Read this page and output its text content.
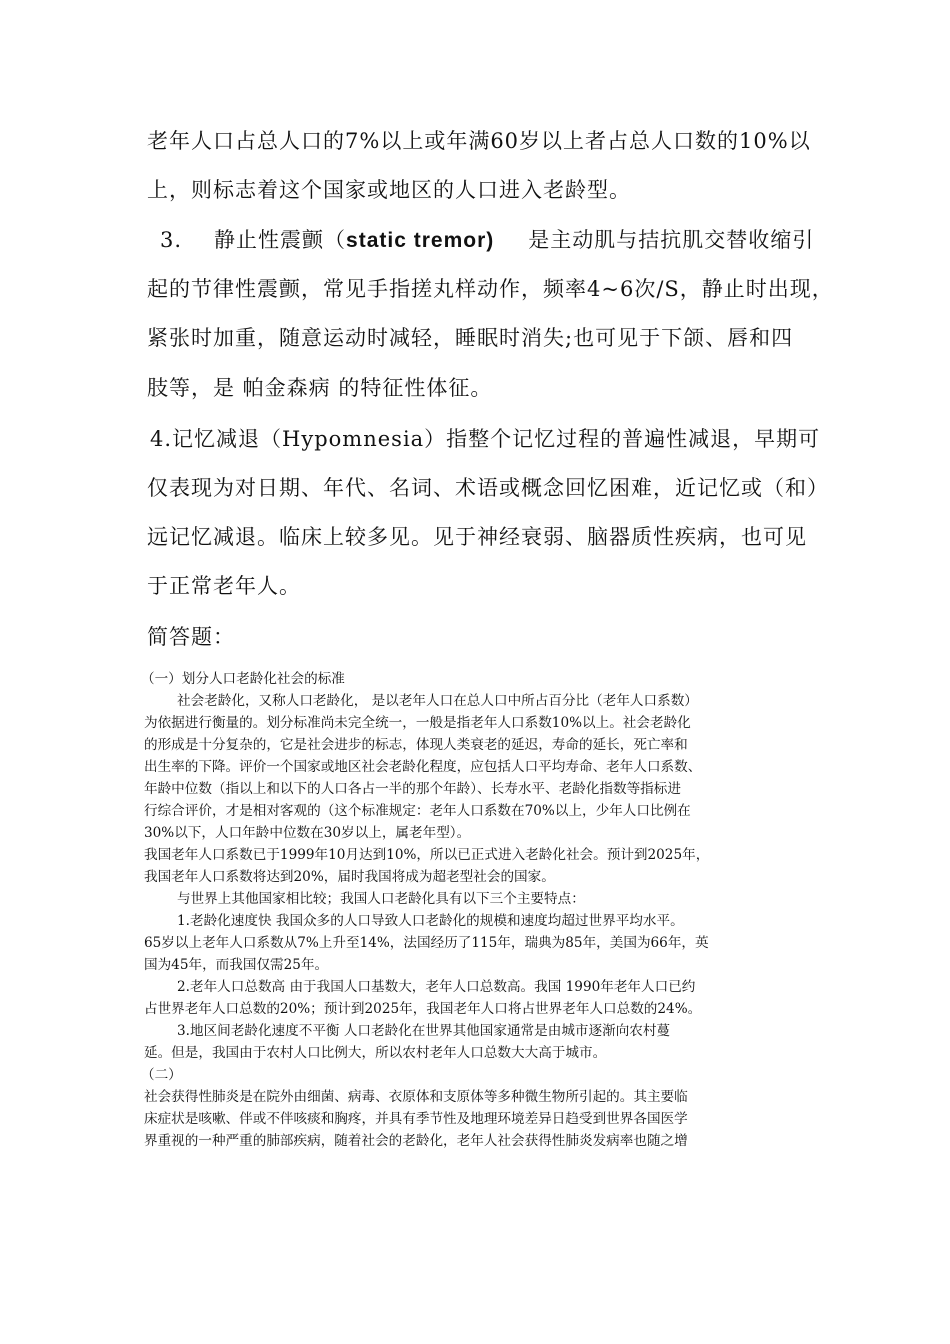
老年人口占总人口的7%以上或年满60岁以上者占总人口数的10%以
上，则标志着这个国家或地区的人口进入老龄型。
3. 静止性震颤（static tremor) 是主动肌与拮抗肌交替收缩引
起的节律性震颤，常见手指搓丸样动作，频率4~6次/S，静止时出现，
紧张时加重，随意运动时减轻，睡眠时消失;也可见于下颌、唇和四
肢等，是 帕金森病 的特征性体征。
4.记忆减退（Hypomnesia）指整个记忆过程的普遍性减退，早期可
仅表现为对日期、年代、名词、术语或概念回忆困难，近记忆或（和）
远记忆减退。临床上较多见。见于神经衰弱、脑器质性疾病，也可见
于正常老年人。
简答题：
（一）划分人口老龄化社会的标准
社会老龄化，又称人口老龄化， 是以老年人口在总人口中所占百分比（老年人口系数）
为依据进行衡量的。划分标准尚未完全统一，一般是指老年人口系数10%以上。社会老龄化
的形成是十分复杂的，它是社会进步的标志，体现人类衰老的延迟，寿命的延长，死亡率和
出生率的下降。评价一个国家或地区社会老龄化程度，应包括人口平均寿命、老年人口系数、
年龄中位数（指以上和以下的人口各占一半的那个年龄）、长寿水平、老龄化指数等指标进
行综合评价，才是相对客观的（这个标准规定：老年人口系数在70%以上，少年人口比例在
30%以下，人口年龄中位数在30岁以上，属老年型）。
我国老年人口系数已于1999年10月达到10%，所以已正式进入老龄化社会。预计到2025年，
我国老年人口系数将达到20%，届时我国将成为超老型社会的国家。
与世界上其他国家相比较；我国人口老龄化具有以下三个主要特点：
1.老龄化速度快 我国众多的人口导致人口老龄化的规模和速度均超过世界平均水平。
65岁以上老年人口系数从7%上升至14%，法国经历了115年，瑞典为85年，美国为66年，英
国为45年，而我国仅需25年。
2.老年人口总数高 由于我国人口基数大，老年人口总数高。我国 1990年老年人口已约
占世界老年人口总数的20%；预计到2025年，我国老年人口将占世界老年人口总数的24%。
3.地区间老龄化速度不平衡 人口老龄化在世界其他国家通常是由城市逐渐向农村蔓
延。但是，我国由于农村人口比例大，所以农村老年人口总数大大高于城市。
（二）
社会获得性肺炎是在院外由细菌、病毒、衣原体和支原体等多种微生物所引起的。其主要临
床症状是咳嗽、伴或不伴咳痰和胸疼，并具有季节性及地理环境差异日趋受到世界各国医学
界重视的一种严重的肺部疾病，随着社会的老龄化，老年人社会获得性肺炎发病率也随之增
